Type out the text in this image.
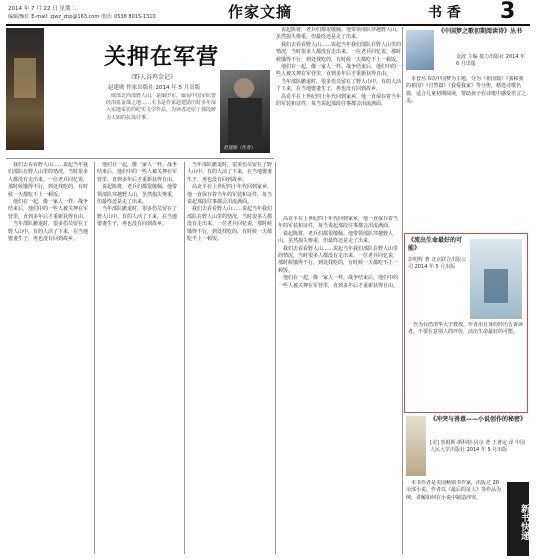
2014 年 7 月 22 日 星期二
编辑/甄红 E-mail: zjwz_zhp@163.com 电话: 0538 8015-1310	作家文摘	书 香 3
关押在军营
《野人谷鸡金记》
赵建勋 作家出版社 2014 年 5 月出版

础部北西部野人山，是缅印军、缅甸中国军队曾经浴血奋战之地……本书是作家赵建勋历时多年深入实地采访的纪实文学作品，为读者还原了那段鲜为人知的抗战往事。

赵建勋（作者）

说起陈将，老兵们都很敬佩。他带领部队穿越野人山，虽然损失惨重，但最终还是走了出来。

我们去看看野人山……说起当年我们部队在野人山里的情况，当时很多人都没有走出来。一位老兵回忆说，那时候饿得不行，到处找吃的，有时候一天都吃不上一顿饭。

他们在一起，像一家人一样。战争结束后，他们中的一些人被关押在军营里，直到多年后才重新获得自由。

当年部队撤退时，很多伤员留在了野人山中。有的人活了下来，在当地娶妻生子，再也没有回到故乡。

高克平在上世纪四十年代回到家乡，他一直保存着当年的军装和证件，每当说起那段往事都会泪流满面。

《中国梦之歌初期阅读诗》丛书
金波 主编 接力出版社 2014 年 6 月出版

本套丛书以中国梦为主题，分为《祖国篇》《我和我的祖国》《自然篇》《我爱我家》等分册，精选诗歌名篇，适合儿童初期阅读，帮助孩子在诗歌中感受语言之美。

《流出生命最好的可能》
彭明辉 著 北京联合出版公司 2014 年 5 月出版

作为台湾清华大学教授，作者用自身的经历告诉读者，不要在意别人的评价，活出生命最好的可能。

《冲突与善意——小说创作的秘密》
[美] 詹姆斯·斯科特·贝尔 著 王著定 译 中国人民大学出版社 2014 年 5 月出版

本书作者是美国畅销书作家，出版过 20 余部小说。作者以《最后的证人》等作品为例，讲解如何在小说中制造冲突。

新书快递

我们去看看野人山……说起当年我们部队在野人山里的情况，当时很多人都没有走出来。一位老兵回忆说，那时候饿得不行，到处找吃的，有时候一天都吃不上一顿饭。

他们在一起，像一家人一样。战争结束后，他们中的一些人被关押在军营里，直到多年后才重新获得自由。

当年部队撤退时，很多伤员留在了野人山中。有的人活了下来，在当地娶妻生子，再也没有回到故乡。

他们在一起，像一家人一样。战争结束后，他们中的一些人被关押在军营里，直到多年后才重新获得自由。

说起陈将，老兵们都很敬佩。他带领部队穿越野人山，虽然损失惨重，但最终还是走了出来。

当年部队撤退时，很多伤员留在了野人山中。有的人活了下来，在当地娶妻生子，再也没有回到故乡。

当年部队撤退时，很多伤员留在了野人山中。有的人活了下来，在当地娶妻生子，再也没有回到故乡。

高克平在上世纪四十年代回到家乡，他一直保存着当年的军装和证件，每当说起那段往事都会泪流满面。

我们去看看野人山……说起当年我们部队在野人山里的情况，当时很多人都没有走出来。一位老兵回忆说，那时候饿得不行，到处找吃的，有时候一天都吃不上一顿饭。

高克平在上世纪四十年代回到家乡，他一直保存着当年的军装和证件，每当说起那段往事都会泪流满面。

说起陈将，老兵们都很敬佩。他带领部队穿越野人山，虽然损失惨重，但最终还是走了出来。

我们去看看野人山……说起当年我们部队在野人山里的情况，当时很多人都没有走出来。一位老兵回忆说，那时候饿得不行，到处找吃的，有时候一天都吃不上一顿饭。

他们在一起，像一家人一样。战争结束后，他们中的一些人被关押在军营里，直到多年后才重新获得自由。
